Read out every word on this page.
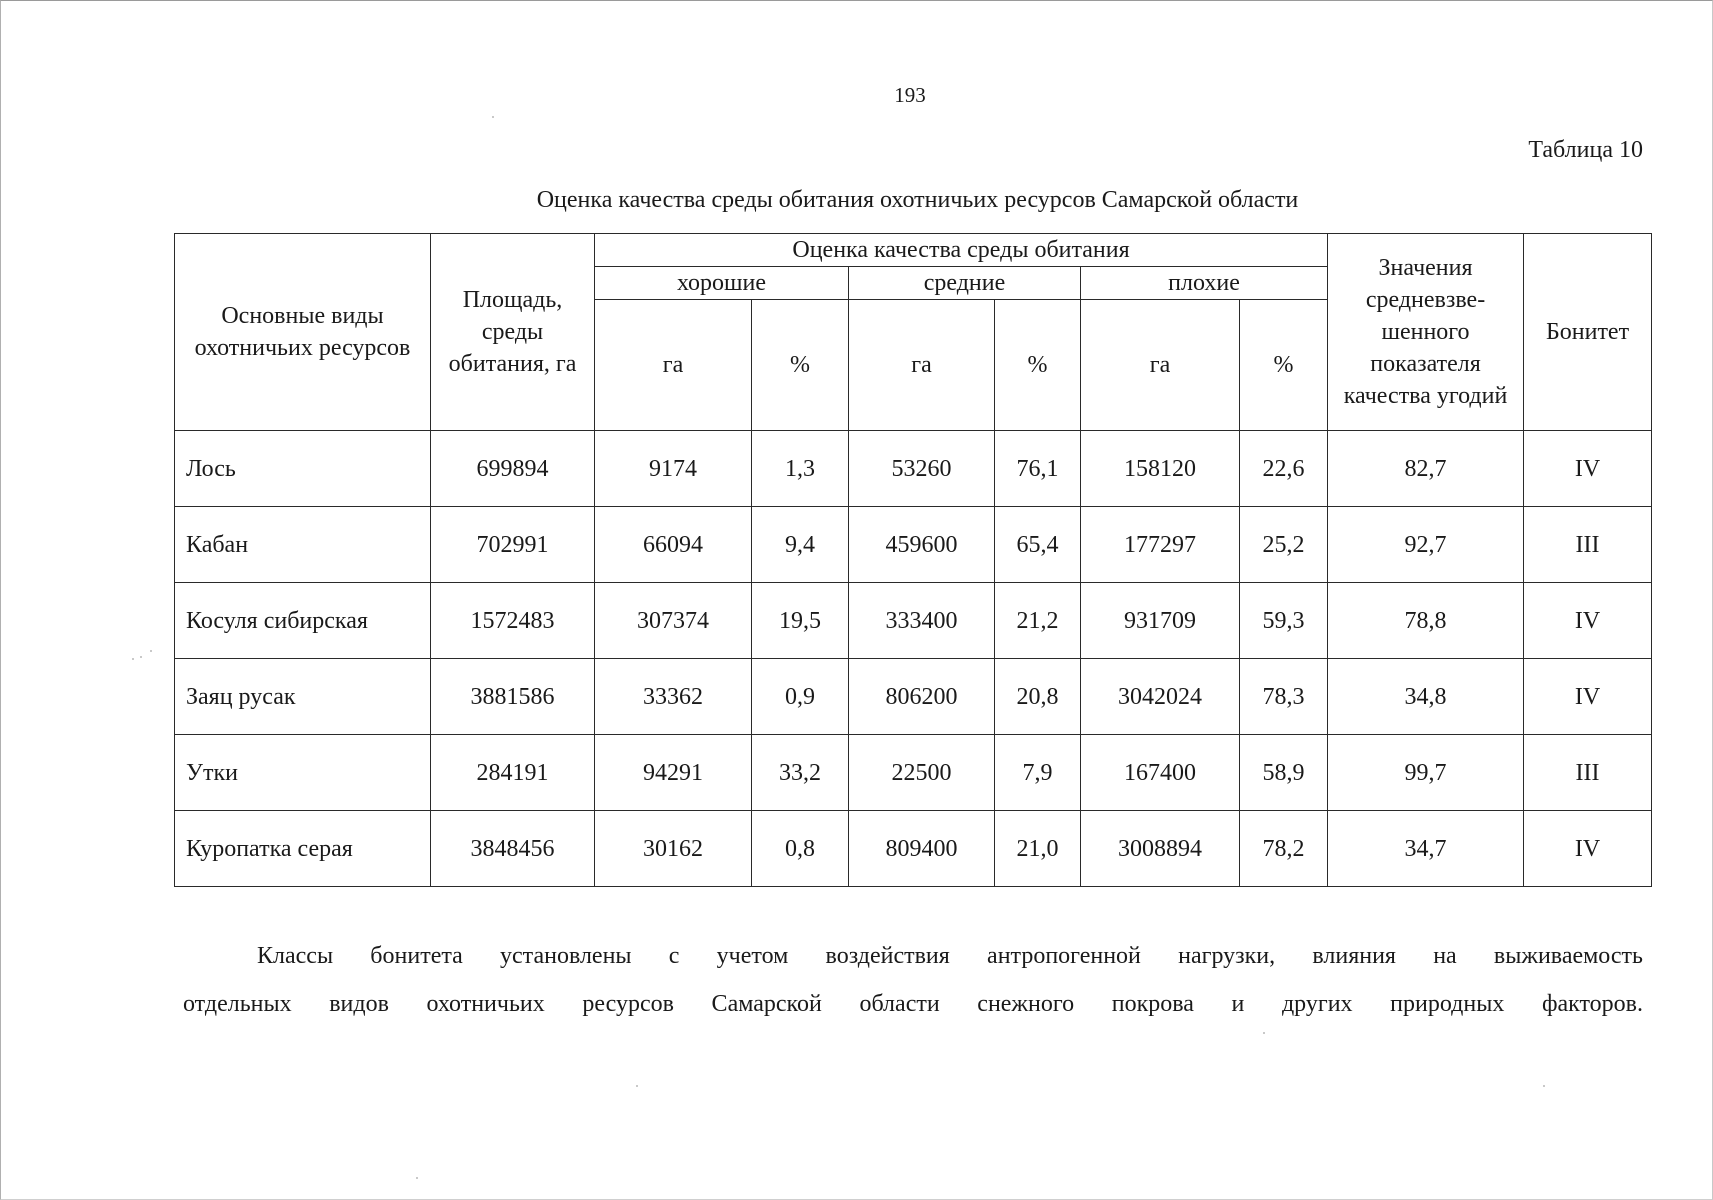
193
Таблица 10
Оценка качества среды обитания охотничьих ресурсов Самарской области
Основные виды охотничьих ресурсов	Площадь, среды обитания, га	Оценка качества среды обитания						Значения средневзве-шенного показателя качества угодий	Бонитет
		хорошие		средние		плохие			
		га	%	га	%	га	%		
Лось	699894	9174	1,3	53260	76,1	158120	22,6	82,7	IV
Кабан	702991	66094	9,4	459600	65,4	177297	25,2	92,7	III
Косуля сибирская	1572483	307374	19,5	333400	21,2	931709	59,3	78,8	IV
Заяц русак	3881586	33362	0,9	806200	20,8	3042024	78,3	34,8	IV
Утки	284191	94291	33,2	22500	7,9	167400	58,9	99,7	III
Куропатка серая	3848456	30162	0,8	809400	21,0	3008894	78,2	34,7	IV
Классы бонитета установлены с учетом воздействия антропогенной нагрузки, влияния на выживаемость
отдельных видов охотничьих ресурсов Самарской области снежного покрова и других природных факторов.
